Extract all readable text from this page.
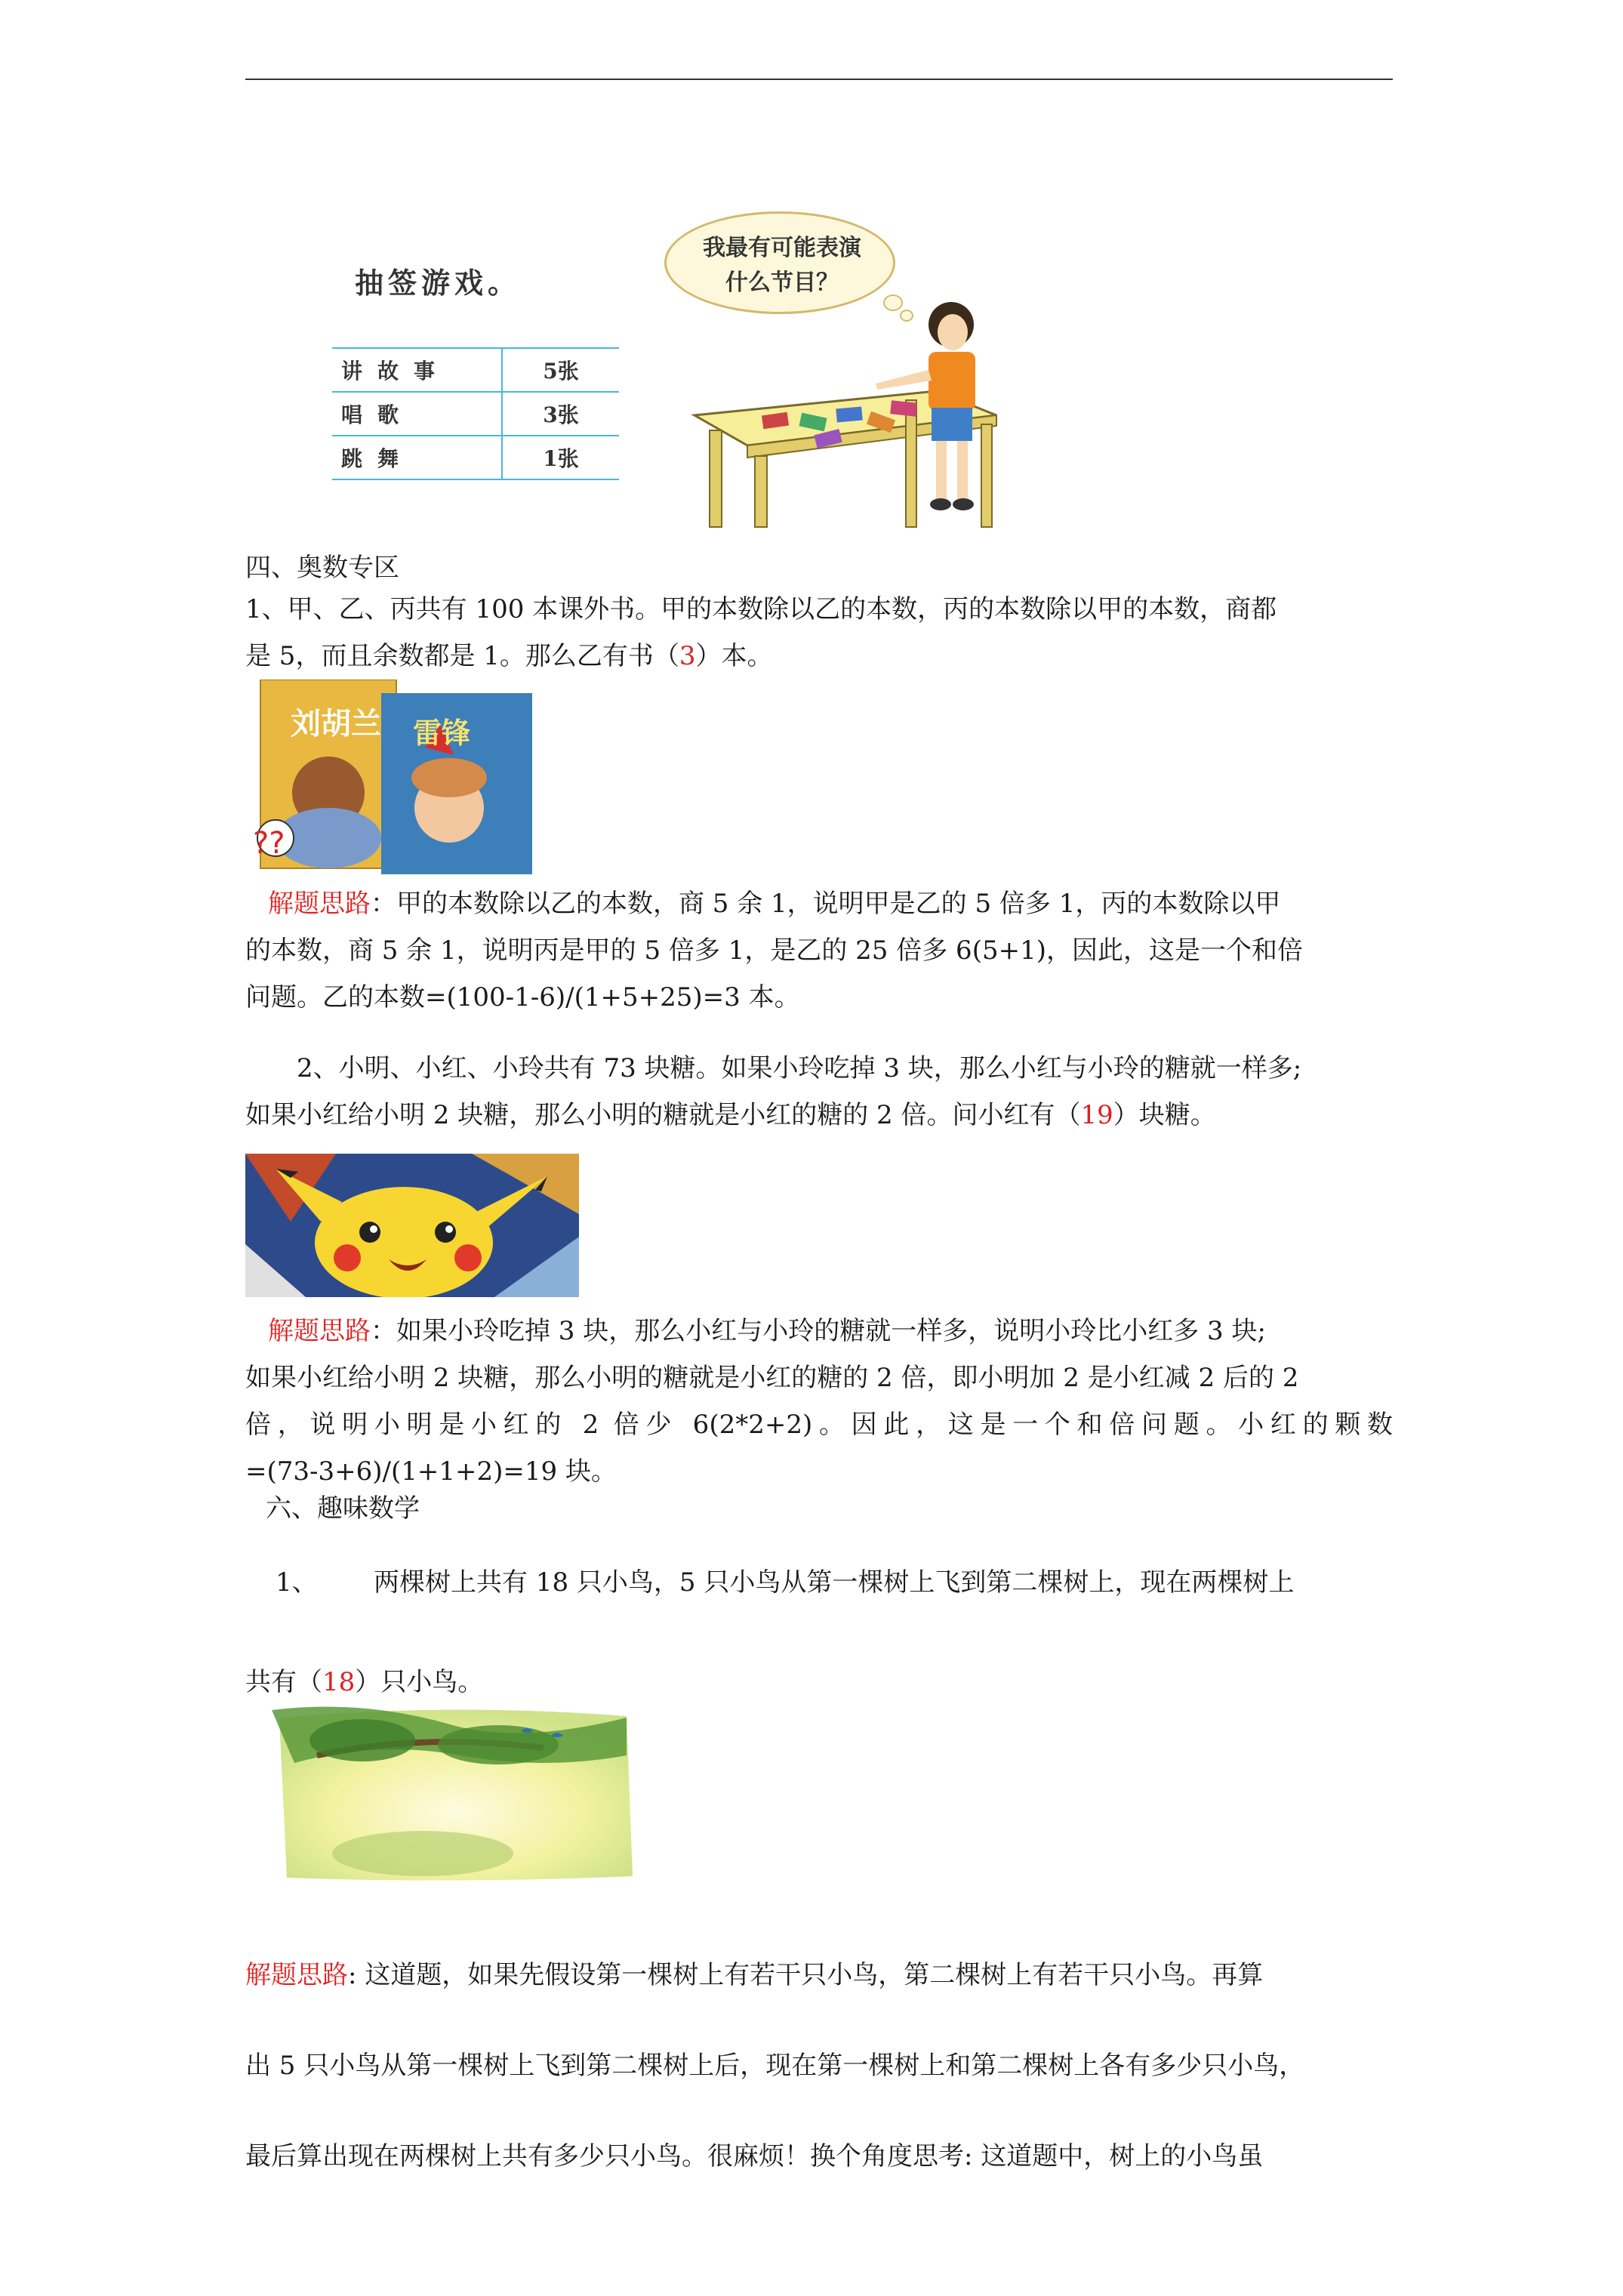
抽签游戏。
讲故事	5张
唱歌	3张
跳舞	1张
我最有可能表演
什么节目？
四、奥数专区
1、甲、乙、丙共有 100 本课外书。甲的本数除以乙的本数，丙的本数除以甲的本数，商都
是 5，而且余数都是 1。那么乙有书（3）本。
??
刘胡兰 雷锋
解题思路：甲的本数除以乙的本数，商 5 余 1，说明甲是乙的 5 倍多 1，丙的本数除以甲
的本数，商 5 余 1，说明丙是甲的 5 倍多 1，是乙的 25 倍多 6(5+1)，因此，这是一个和倍
问题。乙的本数=(100-1-6)/(1+5+25)=3 本。
2、小明、小红、小玲共有 73 块糖。如果小玲吃掉 3 块，那么小红与小玲的糖就一样多;
如果小红给小明 2 块糖，那么小明的糖就是小红的糖的 2 倍。问小红有（19）块糖。
解题思路：如果小玲吃掉 3 块，那么小红与小玲的糖就一样多，说明小玲比小红多 3 块;
如果小红给小明 2 块糖，那么小明的糖就是小红的糖的 2 倍，即小明加 2 是小红减 2 后的 2
倍，说明小明是小红的 2 倍少 6(2*2+2)。因此，这是一个和倍问题。小红的颗数
=(73-3+6)/(1+1+2)=19 块。
六、趣味数学
1、 两棵树上共有 18 只小鸟，5 只小鸟从第一棵树上飞到第二棵树上，现在两棵树上
共有（18）只小鸟。
解题思路: 这道题，如果先假设第一棵树上有若干只小鸟，第二棵树上有若干只小鸟。再算
出 5 只小鸟从第一棵树上飞到第二棵树上后，现在第一棵树上和第二棵树上各有多少只小鸟，
最后算出现在两棵树上共有多少只小鸟。很麻烦！换个角度思考: 这道题中，树上的小鸟虽
